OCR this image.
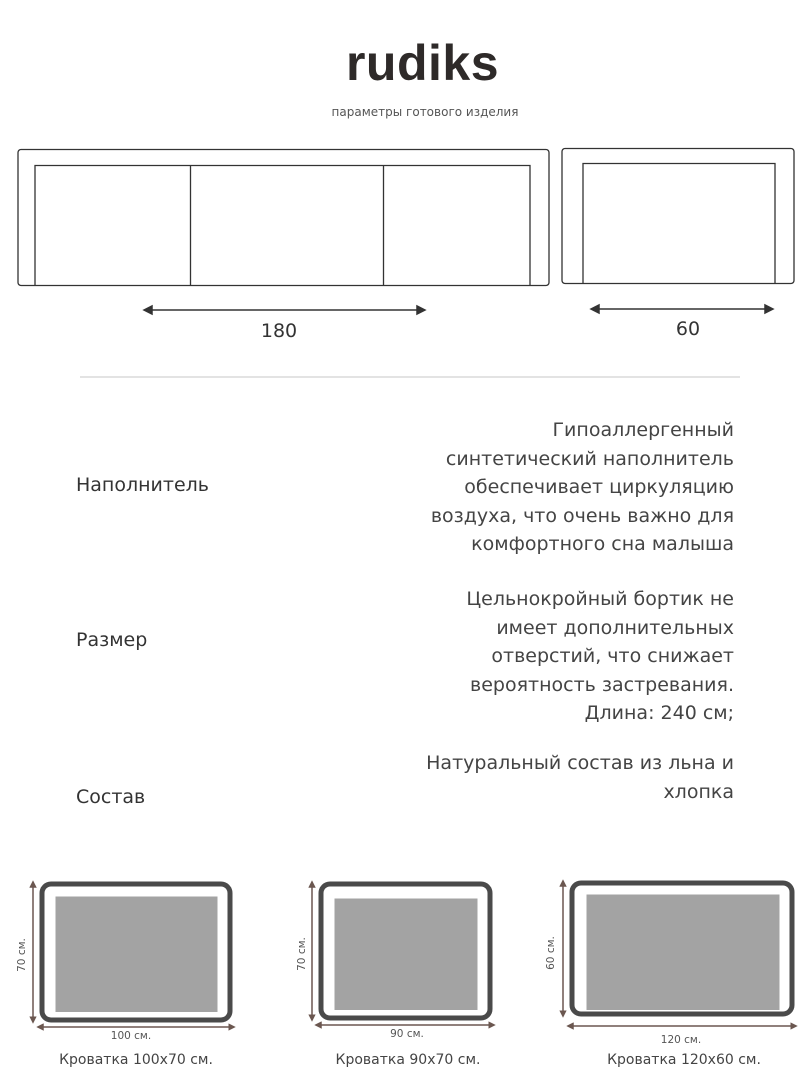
rudiks
параметры готового изделия
180	60
Наполнитель
Гипоаллергенный
синтетический наполнитель
обеспечивает циркуляцию
воздуха, что очень важно для
комфортного сна малыша
Размер
Цельнокройный бортик не
имеет дополнительных
отверстий, что снижает
вероятность застревания.
Длина: 240 см;
Состав
Натуральный состав из льна и
хлопка
70 см.
100 см.
Кроватка 100х70 см.
70 см.
90 см.
Кроватка 90х70 см.
60 см.
120 см.
Кроватка 120х60 см.
